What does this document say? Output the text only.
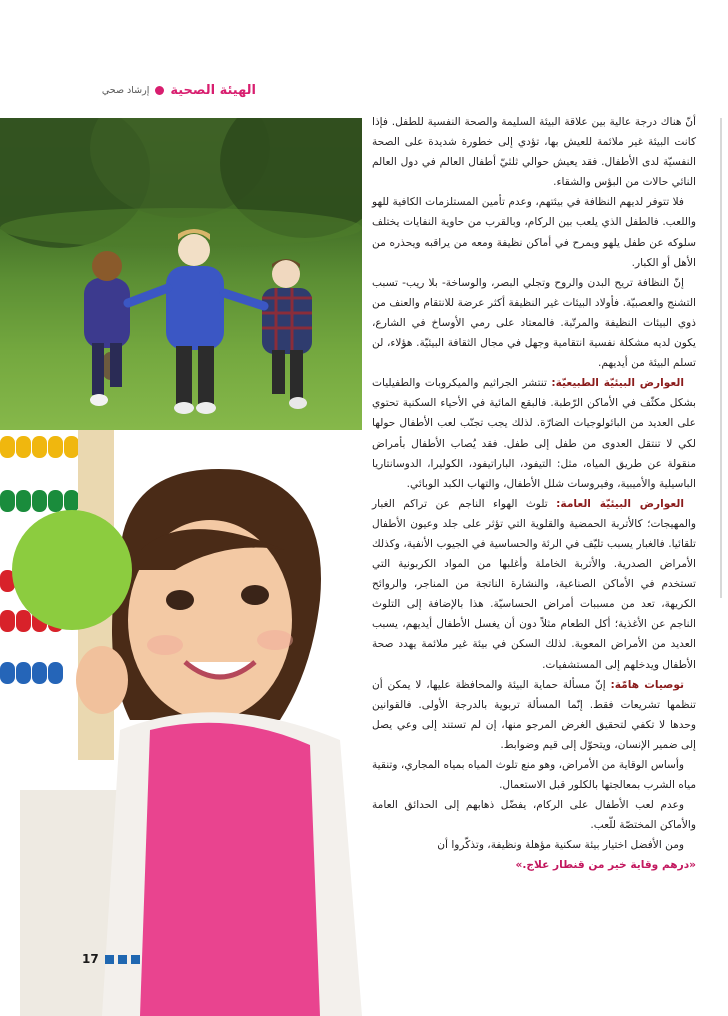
الهيئة الصحية
إرشاد صحي

أنّ هناك درجة عالية بين علاقة البيئة السليمة والصحة النفسية للطفل. فإذا كانت البيئة غير ملائمة للعيش بها، تؤدي إلى خطورة شديدة على الصحة النفسيّة لدى الأطفال. فقد يعيش حوالي ثلثيّ أطفال العالم في دول العالم النائي حالات من البؤس والشقاء.

فلا تتوفر لديهم النظافة في بيئتهم، وعدم تأمين المستلزمات الكافية للهو واللعب. فالطفل الذي يلعب بين الركام، وبالقرب من حاوية النفايات يختلف سلوكه عن طفل يلهو ويمرح في أماكن نظيفة ومعه من يراقبه ويحذره من الأهل أو الكبار.

إنّ النظافة تريح البدن والروح وتجلي البصر، والوساخة- بلا ريب- تسبب التشنج والعصبيّة. فأولاد البيئات غير النظيفة أكثر عرضة للانتقام والعنف من ذوي البيئات النظيفة والمرتّبة. فالمعتاد على رمي الأوساخ في الشارع، يكون لديه مشكلة نفسية انتقامية وجهل في مجال الثقافة البيئيّة. هؤلاء، لن تسلم البيئة من أيديهم.

العوارض البيئيّة الطبيعيّة: تنتشر الجراثيم والميكروبات والطفيليات بشكل مكثّف في الأماكن الرّطبة. فالبقع المائية في الأحياء السكنية تحتوي على العديد من البائولوجيات الضارّة. لذلك يجب تجنّب لعب الأطفال حولها لكي لا تنتقل العدوى من طفل إلى طفل. فقد يُصاب الأطفال بأمراض منقولة عن طريق المياه، مثل: التيفود، الباراتيفود، الكوليرا، الدوسانتاريا الباسيلية والأميبية، وفيروسات شلل الأطفال، والتهاب الكبد الوبائي.

العوارض البيئيّة العامة: تلوث الهواء الناجم عن تراكم الغبار والمهيجات؛ كالأتربة الحمضية والقلوية التي تؤثر على جلد وعيون الأطفال تلقائيا. فالغبار يسبب تليّف في الرئة والحساسية في الجيوب الأنفية، وكذلك الأمراض الصدرية. والأتربة الخاملة وأغلبها من المواد الكربونية التي تستخدم في الأماكن الصناعية، والنشارة الناتجة من المناجر، والروائح الكريهة، تعد من مسببات أمراض الحساسيّة. هذا بالإضافة إلى التلوث الناجم عن الأغذية؛ أكل الطعام مثلاً دون أن يغسل الأطفال أيديهم، يسبب العديد من الأمراض المعوية. لذلك السكن في بيئة غير ملائمة يهدد صحة الأطفال ويدخلهم إلى المستشفيات.

توصيات هامّة: إنّ مسألة حماية البيئة والمحافظة عليها، لا يمكن أن تنظمها تشريعات فقط. إنّما المسألة تربوية بالدرجة الأولى. فالقوانين وحدها لا تكفي لتحقيق الغرض المرجو منها، إن لم تستند إلى وعي يصل إلى ضمير الإنسان، ويتحوّل إلى قيم وضوابط.

وأساس الوقاية من الأمراض، وهو منع تلوث المياه بمياه المجاري، وتنقية مياه الشرب بمعالجتها بالكلور قبل الاستعمال.

وعدم لعب الأطفال على الركام، يفضّل ذهابهم إلى الحدائق العامة والأماكن المختصّة للّعب.

ومن الأفضل اختيار بيئة سكنية مؤهلة ونظيفة، وتذكّروا أن

«درهم وقاية خير من قنطار علاج.»

17
